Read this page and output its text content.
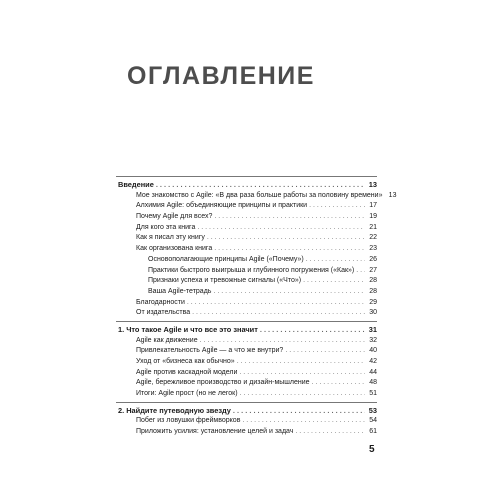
ОГЛАВЛЕНИЕ
Введение . . .	13
Мое знакомство с Agile: «В два раза больше работы за половину времени» 13
Алхимия Agile: объединяющие принципы и практики . . .	17
Почему Agile для всех? . . .	19
Для кого эта книга . . .	21
Как я писал эту книгу . . .	22
Как организована книга . . .	23
Основополагающие принципы Agile («Почему») . . .	26
Практики быстрого выигрыша и глубинного погружения («Как») . . .	27
Признаки успеха и тревожные сигналы («Что») . . .	28
Ваша Agile-тетрадь . . .	28
Благодарности . . .	29
От издательства . . .	30
1. Что такое Agile и что все это значит . . .	31
Agile как движение . . .	32
Привлекательность Agile — а что же внутри? . . .	40
Уход от «бизнеса как обычно» . . .	42
Agile против каскадной модели . . .	44
Agile, бережливое производство и дизайн-мышление . . .	48
Итоги: Agile прост (но не легок) . . .	51
2. Найдите путеводную звезду . . .	53
Побег из ловушки фреймворков . . .	54
Приложить усилия: установление целей и задач . . .	61
5
